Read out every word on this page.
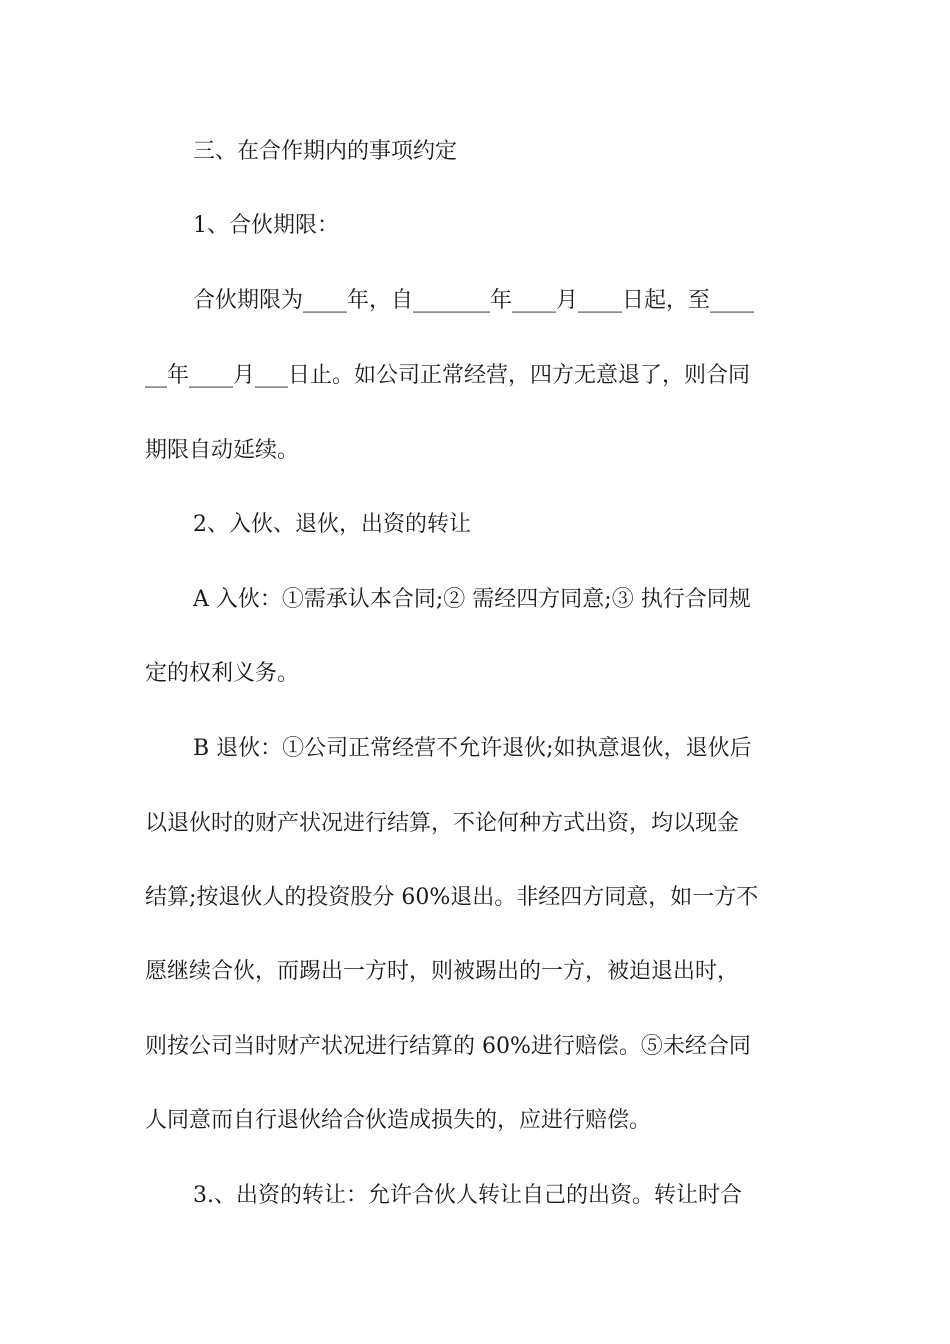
三、在合作期内的事项约定
1、合伙期限：
合伙期限为____年，自_______年____月____日起，至____
__年____月___日止。如公司正常经营，四方无意退了，则合同
期限自动延续。
2、入伙、退伙，出资的转让
A 入伙：①需承认本合同;② 需经四方同意;③ 执行合同规
定的权利义务。
B 退伙：①公司正常经营不允许退伙;如执意退伙，退伙后
以退伙时的财产状况进行结算，不论何种方式出资，均以现金
结算;按退伙人的投资股分 60%退出。非经四方同意，如一方不
愿继续合伙，而踢出一方时，则被踢出的一方，被迫退出时，
则按公司当时财产状况进行结算的 60%进行赔偿。⑤未经合同
人同意而自行退伙给合伙造成损失的，应进行赔偿。
3.、出资的转让：允许合伙人转让自己的出资。转让时合
